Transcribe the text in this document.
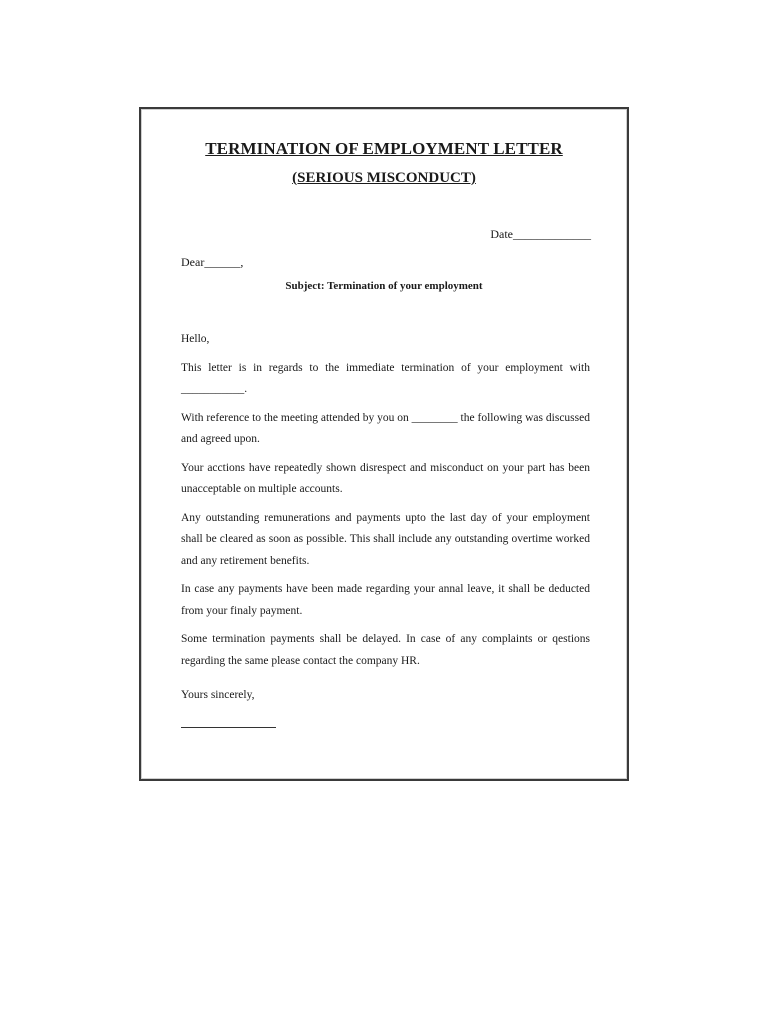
TERMINATION OF EMPLOYMENT LETTER
(SERIOUS MISCONDUCT)
Date_____________
Dear______,
Subject: Termination of your employment

Hello,

This letter is in regards to the immediate termination of your employment with ___________.

With reference to the meeting attended by you on ________ the following was discussed and agreed upon.

Your acctions have repeatedly shown disrespect and misconduct on your part has been unacceptable on multiple accounts.

Any outstanding remunerations and payments upto the last day of your employment shall be cleared as soon as possible. This shall include any outstanding overtime worked and any retirement benefits.

In case any payments have been made regarding your annal leave, it shall be deducted from your finaly payment.

Some termination payments shall be delayed. In case of any complaints or qestions regarding the same please contact the company HR.

Yours sincerely,
